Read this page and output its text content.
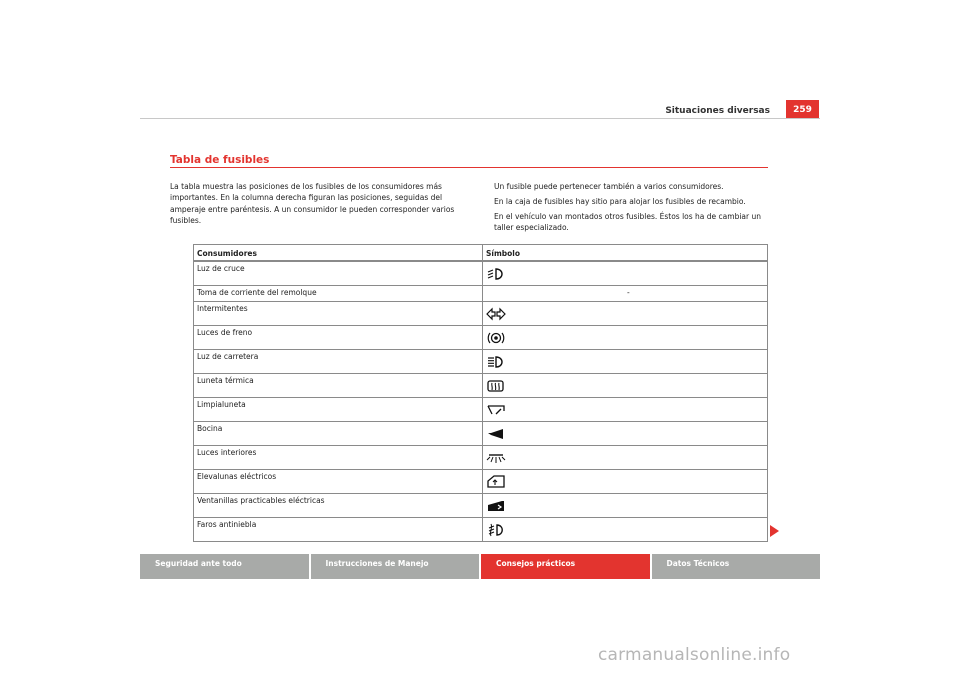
Situaciones diversas	259
Tabla de fusibles

La tabla muestra las posiciones de los fusibles de los consumidores más importantes. En la columna derecha figuran las posiciones, seguidas del amperaje entre paréntesis. A un consumidor le pueden corresponder varios fusibles.

Un fusible puede pertenecer también a varios consumidores.

En la caja de fusibles hay sitio para alojar los fusibles de recambio.

En el vehículo van montados otros fusibles. Éstos los ha de cambiar un taller especializado.

Consumidores	Símbolo
Luz de cruce	

Toma de corriente del remolque	-

Intermitentes	

Luces de freno	

Luz de carretera	

Luneta térmica	

Limpialuneta	

Bocina	

Luces interiores	

Elevalunas eléctricos	

Ventanillas practicables eléctricas	

Faros antiniebla	
Seguridad ante todo	Instrucciones de Manejo	Consejos prácticos	Datos Técnicos
carmanualsonline.info
